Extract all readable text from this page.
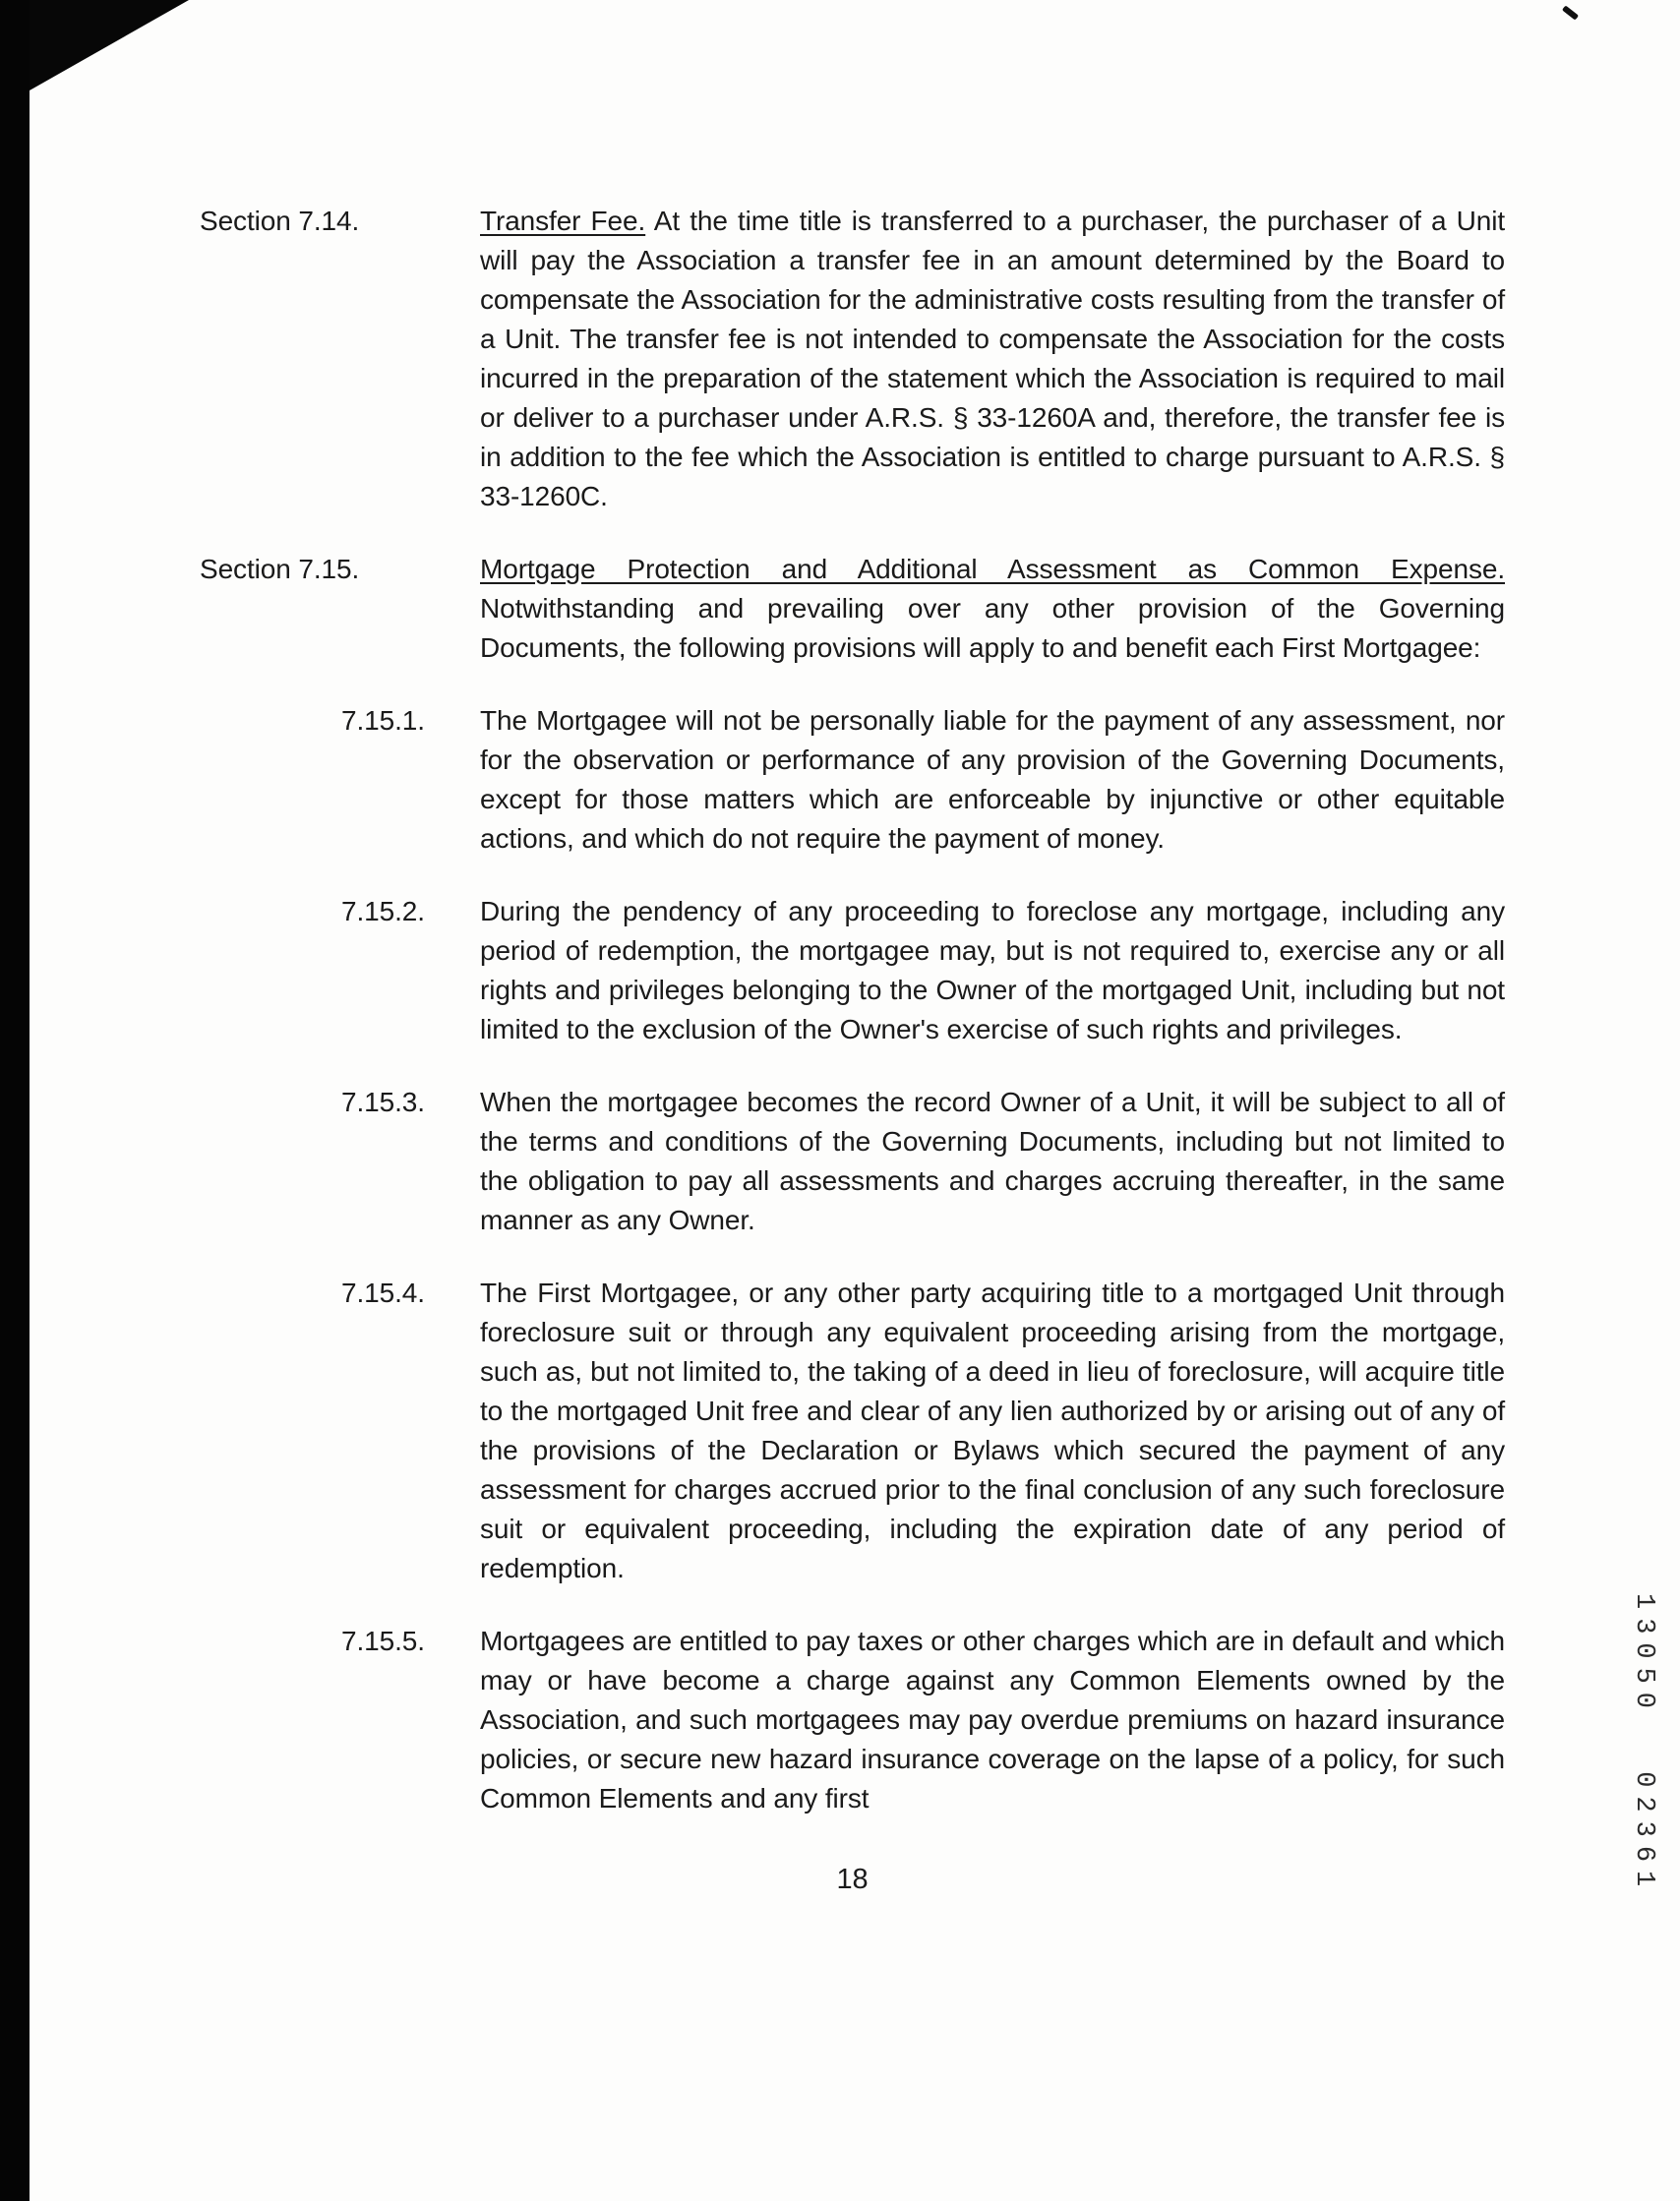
Section 7.14.	Transfer Fee. At the time title is transferred to a purchaser, the purchaser of a Unit will pay the Association a transfer fee in an amount determined by the Board to compensate the Association for the administrative costs resulting from the transfer of a Unit. The transfer fee is not intended to compensate the Association for the costs incurred in the preparation of the statement which the Association is required to mail or deliver to a purchaser under A.R.S. § 33-1260A and, therefore, the transfer fee is in addition to the fee which the Association is entitled to charge pursuant to A.R.S. § 33-1260C.

Section 7.15.	Mortgage Protection and Additional Assessment as Common Expense. Notwithstanding and prevailing over any other provision of the Governing Documents, the following provisions will apply to and benefit each First Mortgagee:

7.15.1.	The Mortgagee will not be personally liable for the payment of any assessment, nor for the observation or performance of any provision of the Governing Documents, except for those matters which are enforceable by injunctive or other equitable actions, and which do not require the payment of money.

7.15.2.	During the pendency of any proceeding to foreclose any mortgage, including any period of redemption, the mortgagee may, but is not required to, exercise any or all rights and privileges belonging to the Owner of the mortgaged Unit, including but not limited to the exclusion of the Owner's exercise of such rights and privileges.

7.15.3.	When the mortgagee becomes the record Owner of a Unit, it will be subject to all of the terms and conditions of the Governing Documents, including but not limited to the obligation to pay all assessments and charges accruing thereafter, in the same manner as any Owner.

7.15.4.	The First Mortgagee, or any other party acquiring title to a mortgaged Unit through foreclosure suit or through any equivalent proceeding arising from the mortgage, such as, but not limited to, the taking of a deed in lieu of foreclosure, will acquire title to the mortgaged Unit free and clear of any lien authorized by or arising out of any of the provisions of the Declaration or Bylaws which secured the payment of any assessment for charges accrued prior to the final conclusion of any such foreclosure suit or equivalent proceeding, including the expiration date of any period of redemption.

7.15.5.	Mortgagees are entitled to pay taxes or other charges which are in default and which may or have become a charge against any Common Elements owned by the Association, and such mortgagees may pay overdue premiums on hazard insurance policies, or secure new hazard insurance coverage on the lapse of a policy, for such Common Elements and any first

18	13050 02361
